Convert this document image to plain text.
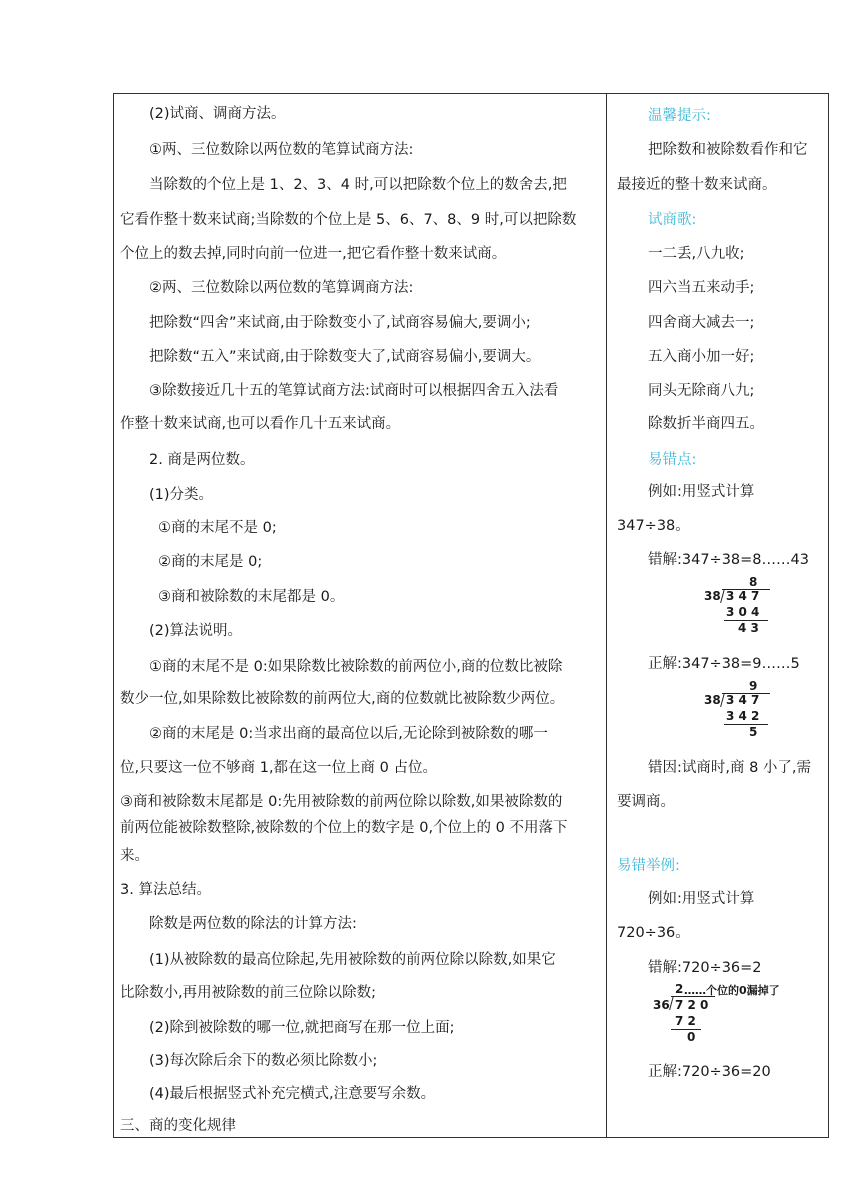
(2)试商、调商方法。
①两、三位数除以两位数的笔算试商方法:
当除数的个位上是 1、2、3、4 时,可以把除数个位上的数舍去,把
它看作整十数来试商;当除数的个位上是 5、6、7、8、9 时,可以把除数
个位上的数去掉,同时向前一位进一,把它看作整十数来试商。
②两、三位数除以两位数的笔算调商方法:
把除数“四舍”来试商,由于除数变小了,试商容易偏大,要调小;
把除数“五入”来试商,由于除数变大了,试商容易偏小,要调大。
③除数接近几十五的笔算试商方法:试商时可以根据四舍五入法看
作整十数来试商,也可以看作几十五来试商。
2. 商是两位数。
(1)分类。
①商的末尾不是 0;
②商的末尾是 0;
③商和被除数的末尾都是 0。
(2)算法说明。
①商的末尾不是 0:如果除数比被除数的前两位小,商的位数比被除
数少一位,如果除数比被除数的前两位大,商的位数就比被除数少两位。
②商的末尾是 0:当求出商的最高位以后,无论除到被除数的哪一
位,只要这一位不够商 1,都在这一位上商 0 占位。
③商和被除数末尾都是 0:先用被除数的前两位除以除数,如果被除数的
前两位能被除数整除,被除数的个位上的数字是 0,个位上的 0 不用落下
来。
3. 算法总结。
除数是两位数的除法的计算方法:
(1)从被除数的最高位除起,先用被除数的前两位除以除数,如果它
比除数小,再用被除数的前三位除以除数;
(2)除到被除数的哪一位,就把商写在那一位上面;
(3)每次除后余下的数必须比除数小;
(4)最后根据竖式补充完横式,注意要写余数。
三、商的变化规律
温馨提示:
把除数和被除数看作和它
最接近的整十数来试商。
试商歌:
一二丢,八九收;
四六当五来动手;
四舍商大减去一;
五入商小加一好;
同头无除商八九;
除数折半商四五。
易错点:
例如:用竖式计算
347÷38。
错解:347÷38=8……43
8
38 3 4 7
3 0 4
4 3
正解:347÷38=9……5
9
38 3 4 7
3 4 2
5
错因:试商时,商 8 小了,需
要调商。
易错举例:
例如:用竖式计算
720÷36。
错解:720÷36=2
2 ……个位的0漏掉了
36 7 2 0
7 2
0
正解:720÷36=20
